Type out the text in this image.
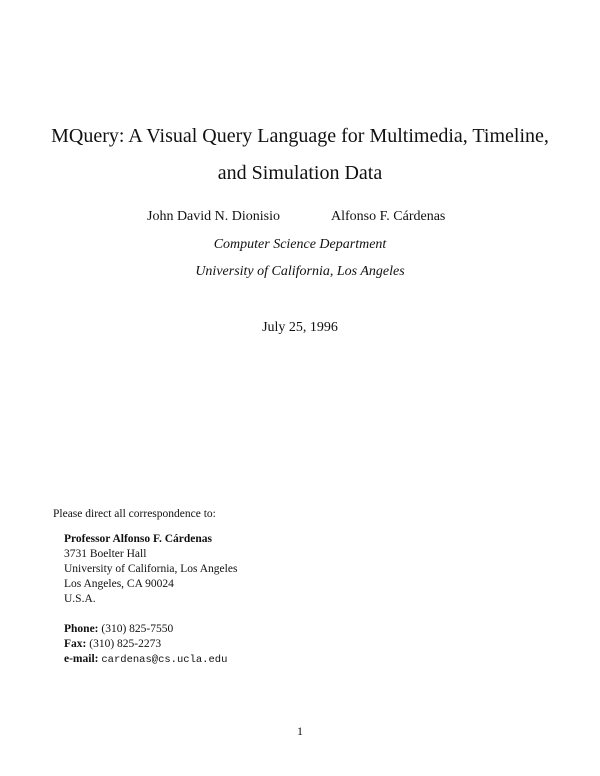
MQuery: A Visual Query Language for Multimedia, Timeline,
and Simulation Data
John David N. Dionisio	Alfonso F. Cárdenas
Computer Science Department
University of California, Los Angeles
July 25, 1996
Please direct all correspondence to:
Professor Alfonso F. Cárdenas
3731 Boelter Hall
University of California, Los Angeles
Los Angeles, CA 90024
U.S.A.
Phone: (310) 825-7550
Fax: (310) 825-2273
e-mail: cardenas@cs.ucla.edu
1
